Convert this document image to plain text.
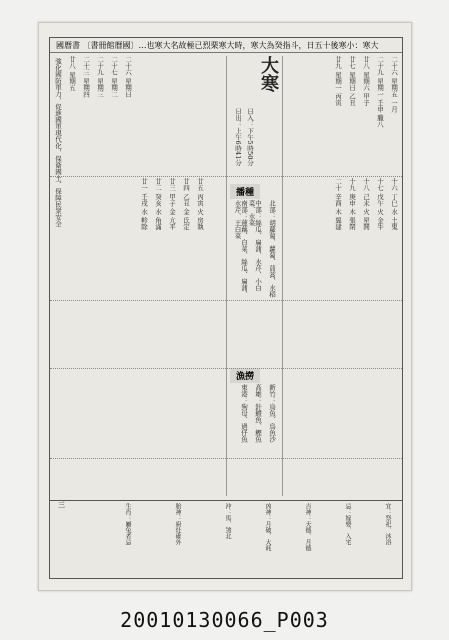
國曆書 〔書冊館曆國〕…也寒大名故極已烈栗寒大時，寒大為癸指斗，日五十後寒小：寒大
強化國防軍力，促進國軍現代化，保衛國土、保障民衆安全 廿八 星期五 二十三 星期四 二十九 星期三 二十七 星期二 二十六 星期日
廿一 壬戌 水 軫除 廿二 癸亥 水 角滿 廿三 甲子 金 亢平 廿四 乙丑 金 氐定 廿五 丙寅 火 房執
大寒
日入：下午5時50分
日出：上午6時41分
播種
北部：胡蘿蔔、蘿蔔、茼蒿、水稻
中部：絲瓜、扁蒲、水芹、小白菜、水菜
南部：蓮藕、白菜、絲瓜、扁蒲、水芹、王白菜
漁撈
新竹：烏魚、鳥魚沙
高雄：針鱧魚、鰹魚
東港：狗母、過仔魚
二十六 星期五 一月
二十九 星期一 壬申 臘八
廿八 星期六 甲子
廿七 星期日 乙丑
廿九 星期一 丙寅
十六 丁巳 水 土鬼
十七 戊午 火 金牛
十八 己未 火 星開
十九 庚申 木 張閉
二十 辛酉 木 翼建
三	宜：祭祀、沐浴
忌：嫁娶、入宅
吉神：天德、月德
凶神：月破、大耗
沖：馬、煞北
胎神：廚灶碓外
生肖：屬兔者忌
20010130066_P003
